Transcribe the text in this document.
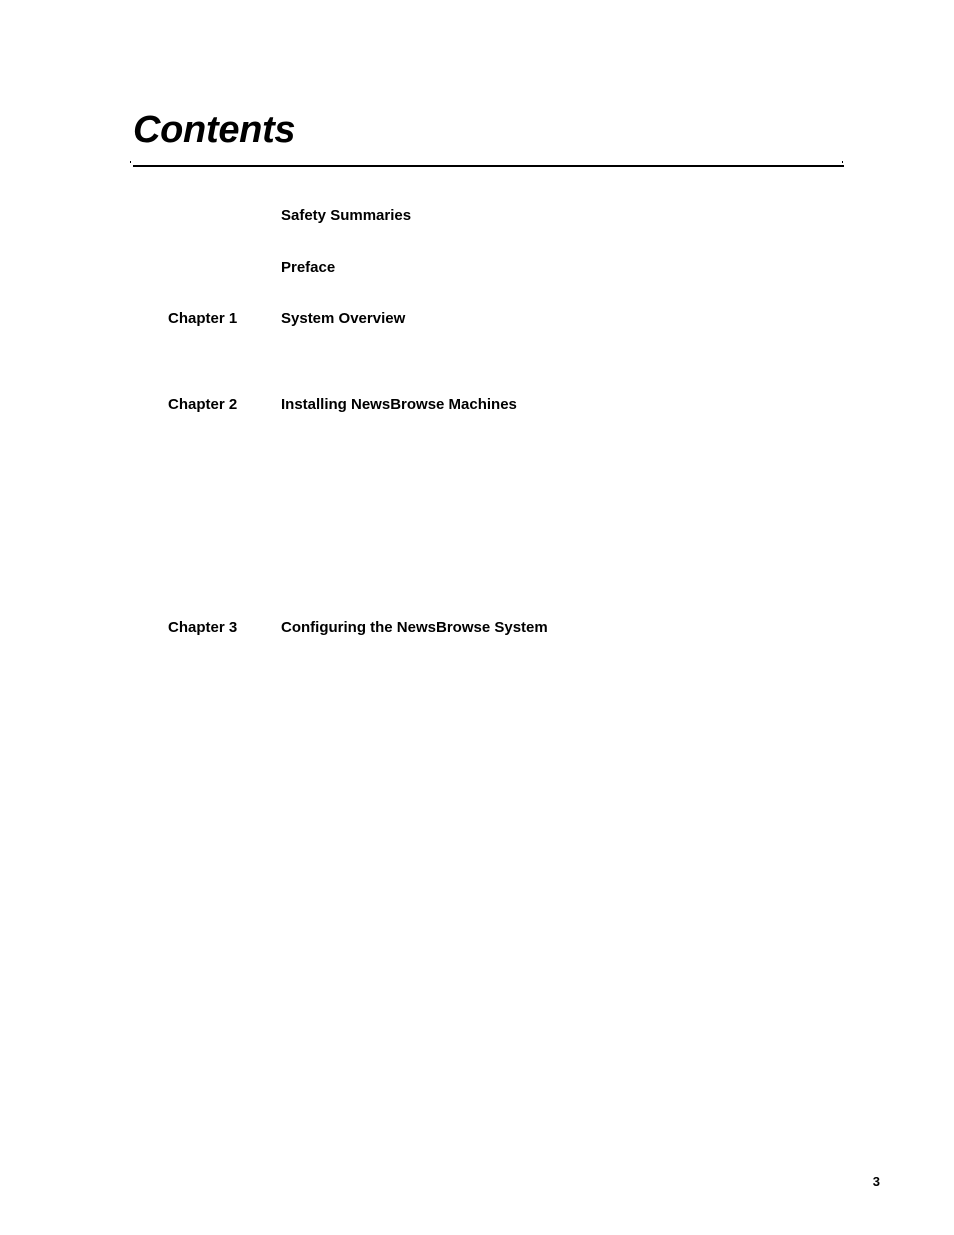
Contents
Safety Summaries
Preface
Chapter 1	System Overview
Chapter 2	Installing NewsBrowse Machines
Chapter 3	Configuring the NewsBrowse System
3
